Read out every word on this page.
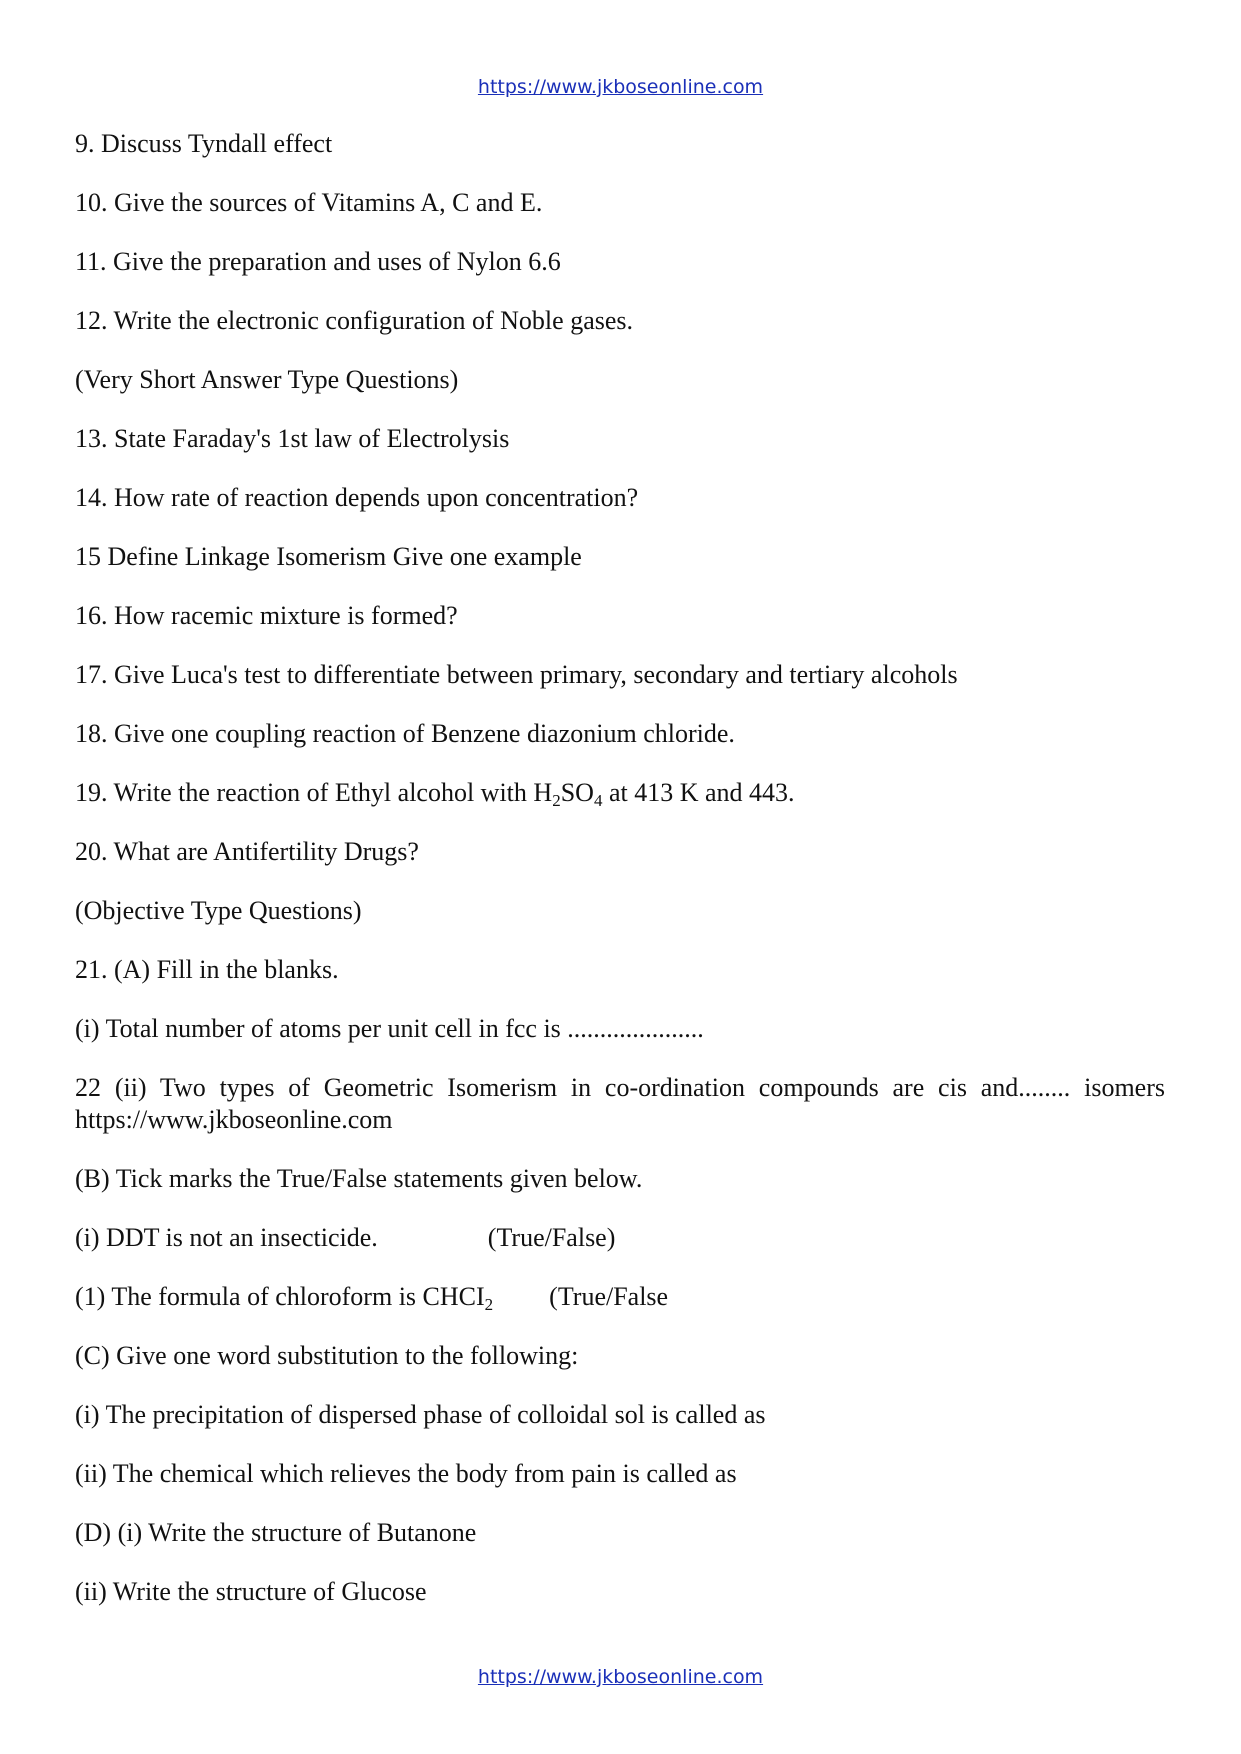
https://www.jkboseonline.com
9. Discuss Tyndall effect
10. Give the sources of Vitamins A, C and E.
11. Give the preparation and uses of Nylon 6.6
12. Write the electronic configuration of Noble gases.
(Very Short Answer Type Questions)
13. State Faraday's 1st law of Electrolysis
14. How rate of reaction depends upon concentration?
15 Define Linkage Isomerism Give one example
16. How racemic mixture is formed?
17. Give Luca's test to differentiate between primary, secondary and tertiary alcohols
18. Give one coupling reaction of Benzene diazonium chloride.
19. Write the reaction of Ethyl alcohol with $H_2SO_4$ at 413 K and 443.
20. What are Antifertility Drugs?
(Objective Type Questions)
21. (A) Fill in the blanks.
(i) Total number of atoms per unit cell in fcc is .....................
22 (ii) Two types of Geometric Isomerism in co-ordination compounds are cis and........ isomers https://www.jkboseonline.com
(B) Tick marks the True/False statements given below.
(i) DDT is not an insecticide.	(True/False)
(1) The formula of chloroform is $CHCI_2$ (True/False
(C) Give one word substitution to the following:
(i) The precipitation of dispersed phase of colloidal sol is called as
(ii) The chemical which relieves the body from pain is called as
(D) (i) Write the structure of Butanone
(ii) Write the structure of Glucose
https://www.jkboseonline.com
